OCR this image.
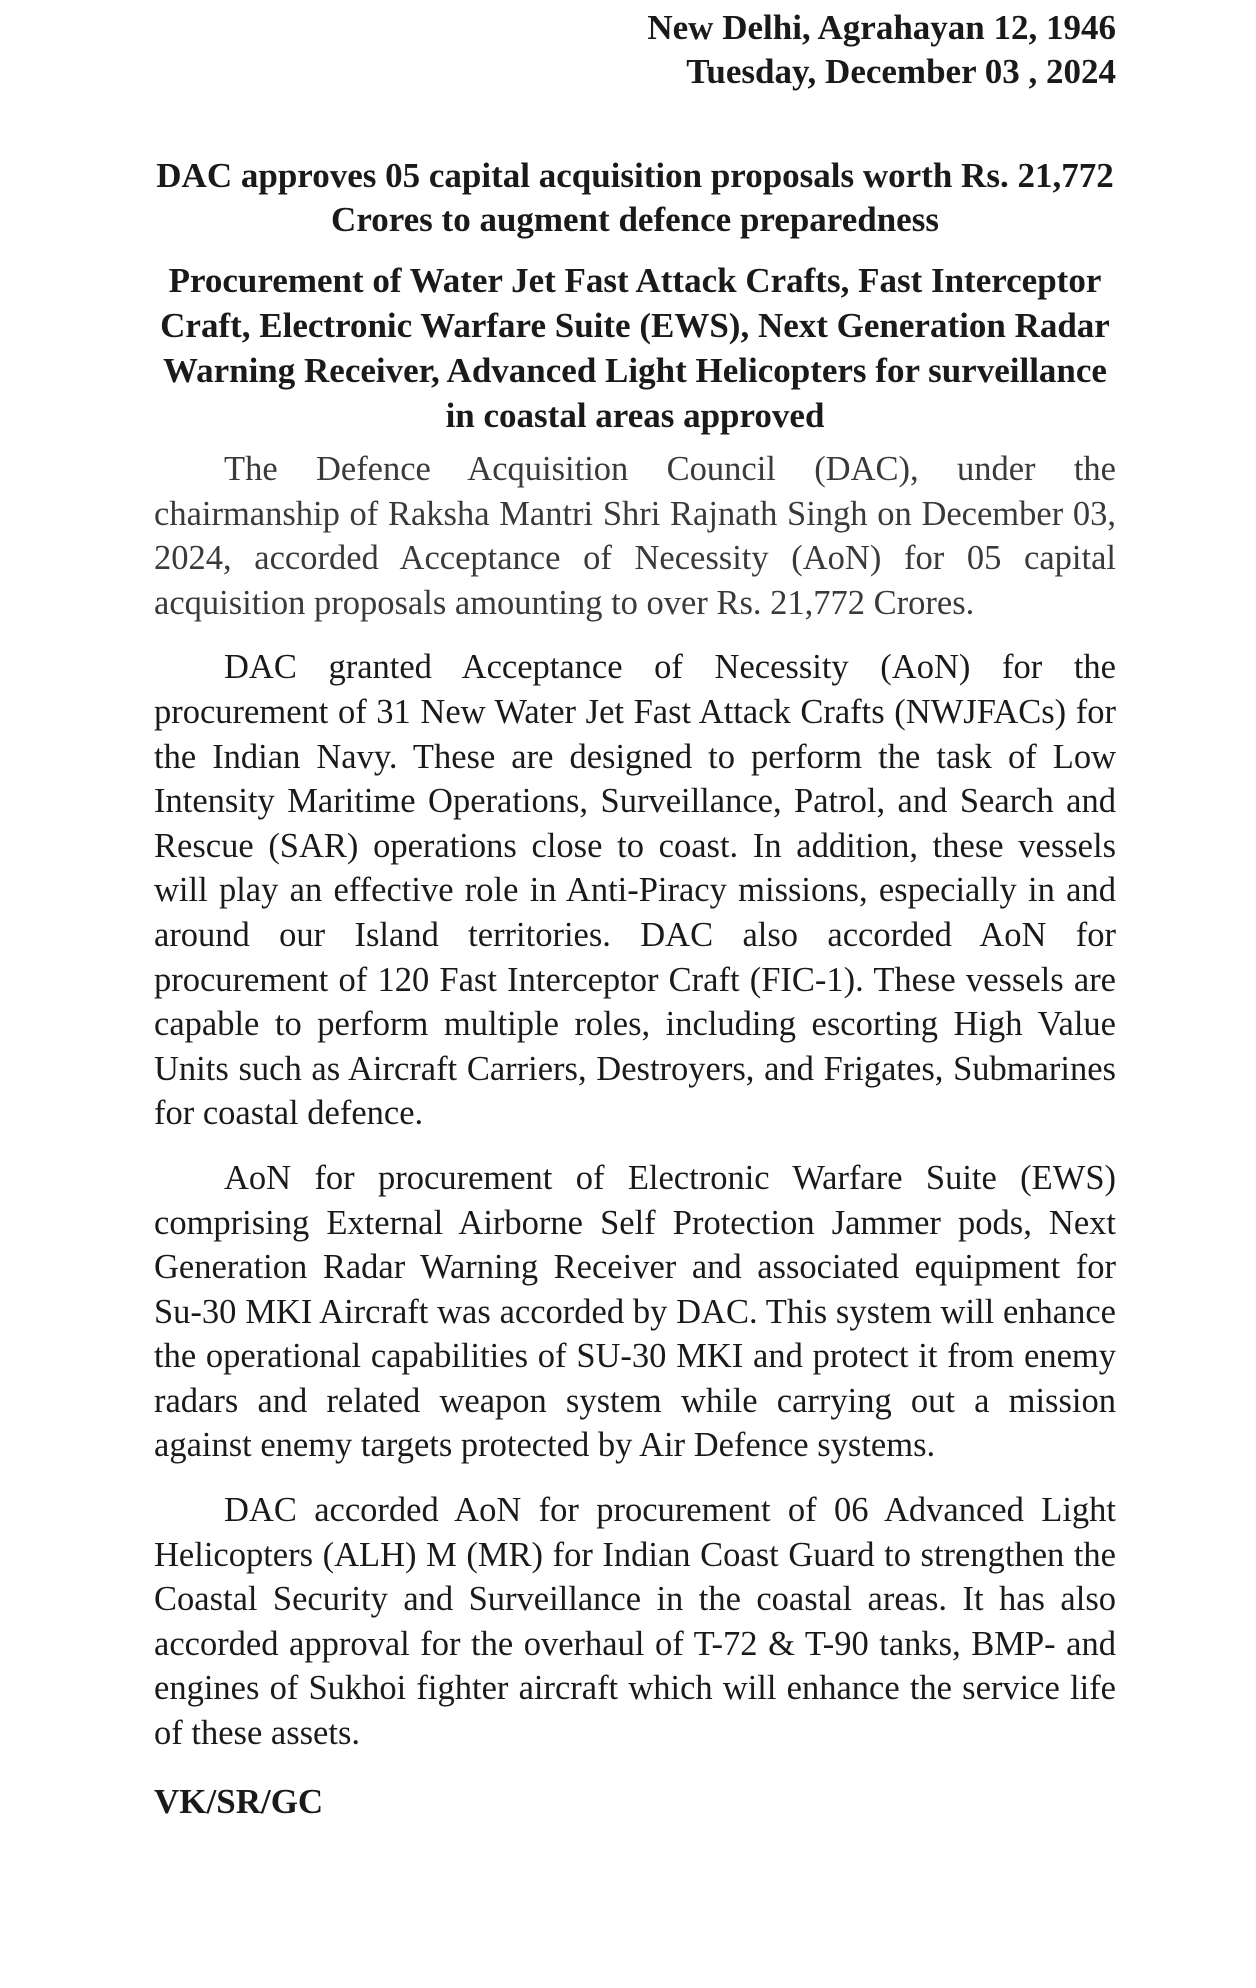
New Delhi, Agrahayan 12, 1946
Tuesday, December 03 , 2024
DAC approves 05 capital acquisition proposals worth Rs. 21,772 Crores to augment defence preparedness
Procurement of Water Jet Fast Attack Crafts, Fast Interceptor Craft, Electronic Warfare Suite (EWS), Next Generation Radar Warning Receiver, Advanced Light Helicopters for surveillance in coastal areas approved

The Defence Acquisition Council (DAC), under the chairmanship of Raksha Mantri Shri Rajnath Singh on December 03, 2024, accorded Acceptance of Necessity (AoN) for 05 capital acquisition proposals amounting to over Rs. 21,772 Crores.

DAC granted Acceptance of Necessity (AoN) for the procurement of 31 New Water Jet Fast Attack Crafts (NWJFACs) for the Indian Navy. These are designed to perform the task of Low Intensity Maritime Operations, Surveillance, Patrol, and Search and Rescue (SAR) operations close to coast. In addition, these vessels will play an effective role in Anti-Piracy missions, especially in and around our Island territories. DAC also accorded AoN for procurement of 120 Fast Interceptor Craft (FIC-1). These vessels are capable to perform multiple roles, including escorting High Value Units such as Aircraft Carriers, Destroyers, and Frigates, Submarines for coastal defence.

AoN for procurement of Electronic Warfare Suite (EWS) comprising External Airborne Self Protection Jammer pods, Next Generation Radar Warning Receiver and associated equipment for Su-30 MKI Aircraft was accorded by DAC. This system will enhance the operational capabilities of SU-30 MKI and protect it from enemy radars and related weapon system while carrying out a mission against enemy targets protected by Air Defence systems.

DAC accorded AoN for procurement of 06 Advanced Light Helicopters (ALH) M (MR) for Indian Coast Guard to strengthen the Coastal Security and Surveillance in the coastal areas. It has also accorded approval for the overhaul of T-72 & T-90 tanks, BMP- and engines of Sukhoi fighter aircraft which will enhance the service life of these assets.

VK/SR/GC
